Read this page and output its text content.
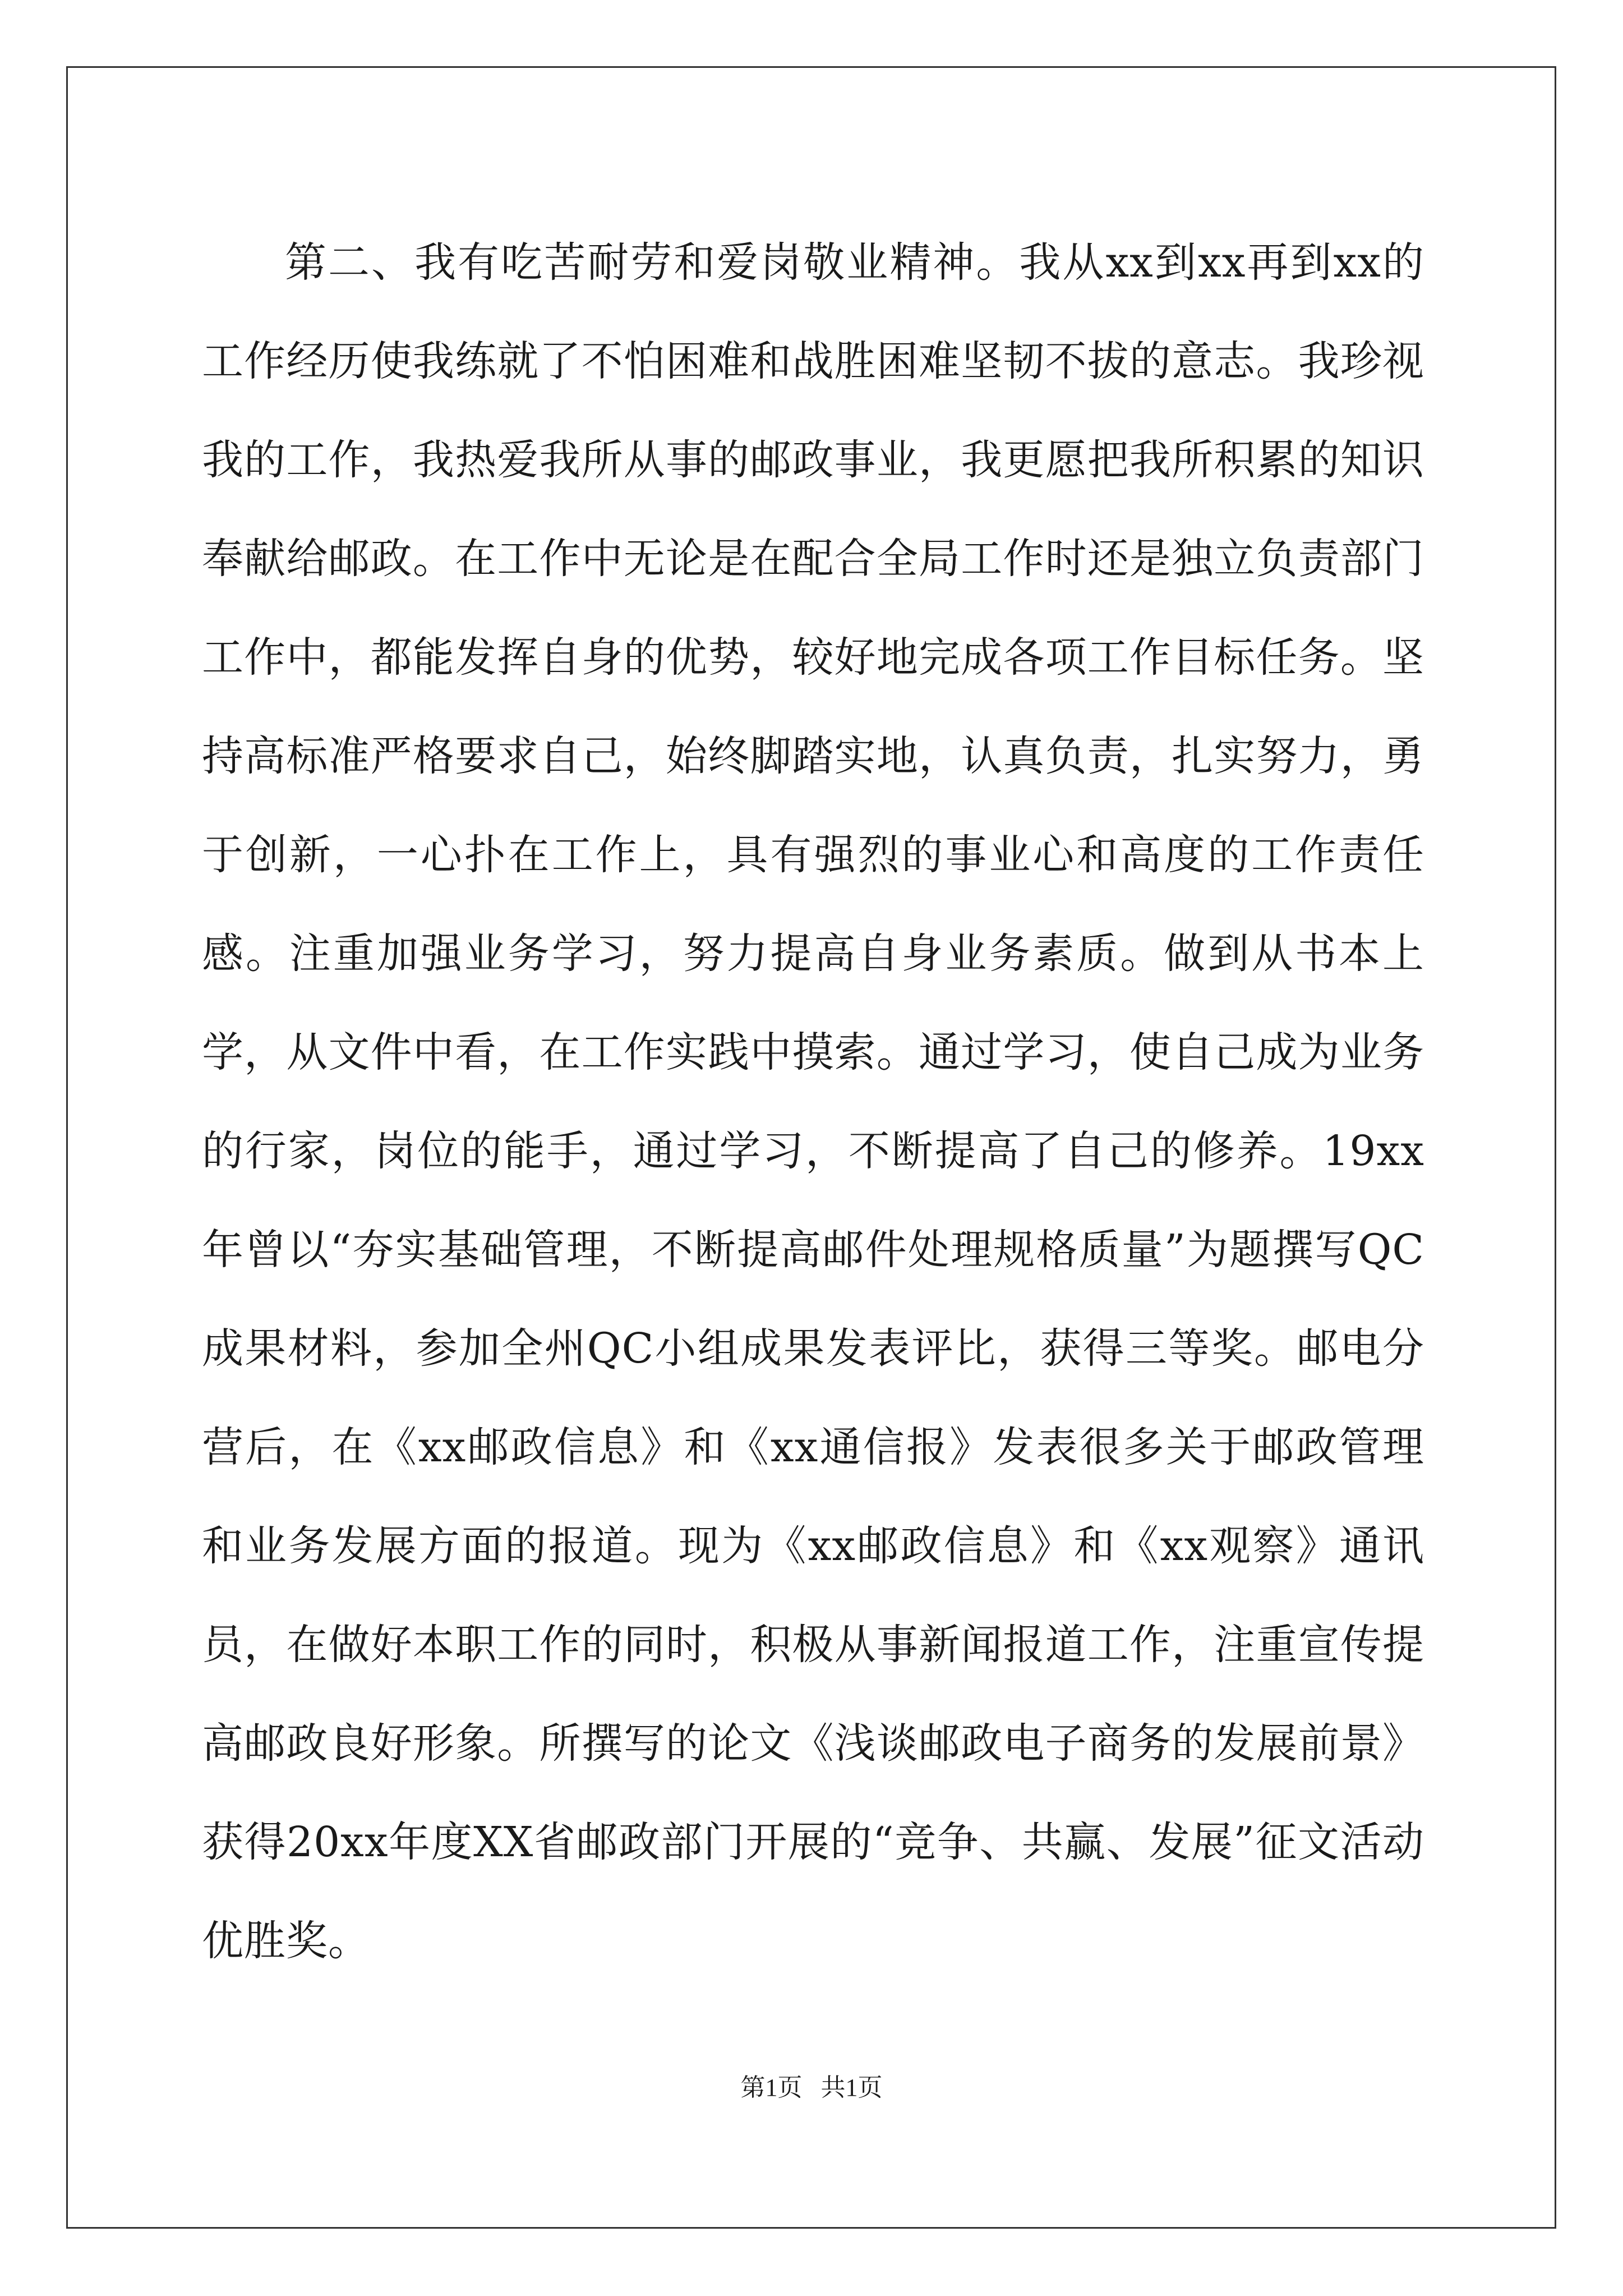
第二、我有吃苦耐劳和爱岗敬业精神。我从xx到xx再到xx的工作经历使我练就了不怕困难和战胜困难坚韧不拔的意志。我珍视我的工作，我热爱我所从事的邮政事业，我更愿把我所积累的知识奉献给邮政。在工作中无论是在配合全局工作时还是独立负责部门工作中，都能发挥自身的优势，较好地完成各项工作目标任务。坚持高标准严格要求自己，始终脚踏实地，认真负责，扎实努力，勇于创新，一心扑在工作上，具有强烈的事业心和高度的工作责任感。注重加强业务学习，努力提高自身业务素质。做到从书本上学，从文件中看，在工作实践中摸索。通过学习，使自己成为业务的行家，岗位的能手，通过学习，不断提高了自己的修养。19xx年曾以“夯实基础管理，不断提高邮件处理规格质量”为题撰写QC成果材料，参加全州QC小组成果发表评比，获得三等奖。邮电分营后，在《xx邮政信息》和《xx通信报》发表很多关于邮政管理和业务发展方面的报道。现为《xx邮政信息》和《xx观察》通讯员，在做好本职工作的同时，积极从事新闻报道工作，注重宣传提高邮政良好形象。所撰写的论文《浅谈邮政电子商务的发展前景》获得20xx年度XX省邮政部门开展的“竞争、共赢、发展”征文活动优胜奖。

第1页   共1页
